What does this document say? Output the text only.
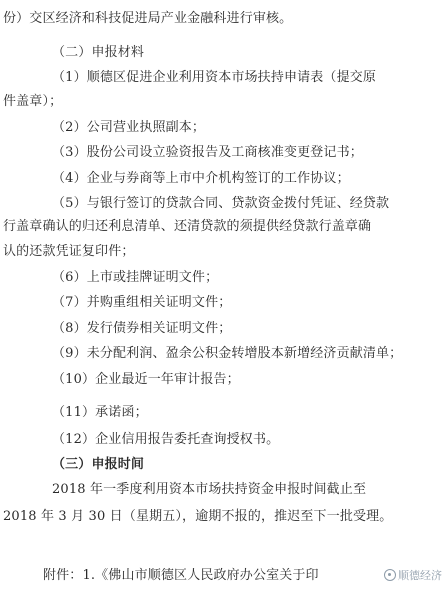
份）交区经济和科技促进局产业金融科进行审核。
（二）申报材料
（1）顺德区促进企业利用资本市场扶持申请表（提交原
件盖章）；
（2）公司营业执照副本；
（3）股份公司设立验资报告及工商核准变更登记书；
（4）企业与券商等上市中介机构签订的工作协议；
（5）与银行签订的贷款合同、贷款资金拨付凭证、经贷款
行盖章确认的归还利息清单、还清贷款的须提供经贷款行盖章确
认的还款凭证复印件；
（6）上市或挂牌证明文件；
（7）并购重组相关证明文件；
（8）发行债券相关证明文件；
（9）未分配利润、盈余公积金转增股本新增经济贡献清单；
（10）企业最近一年审计报告；
（11）承诺函；
（12）企业信用报告委托查询授权书。
（三）申报时间
2018 年一季度利用资本市场扶持资金申报时间截止至
2018 年 3 月 30 日（星期五），逾期不报的，推迟至下一批受理。
附件：1.《佛山市顺德区人民政府办公室关于印	顺德经济
